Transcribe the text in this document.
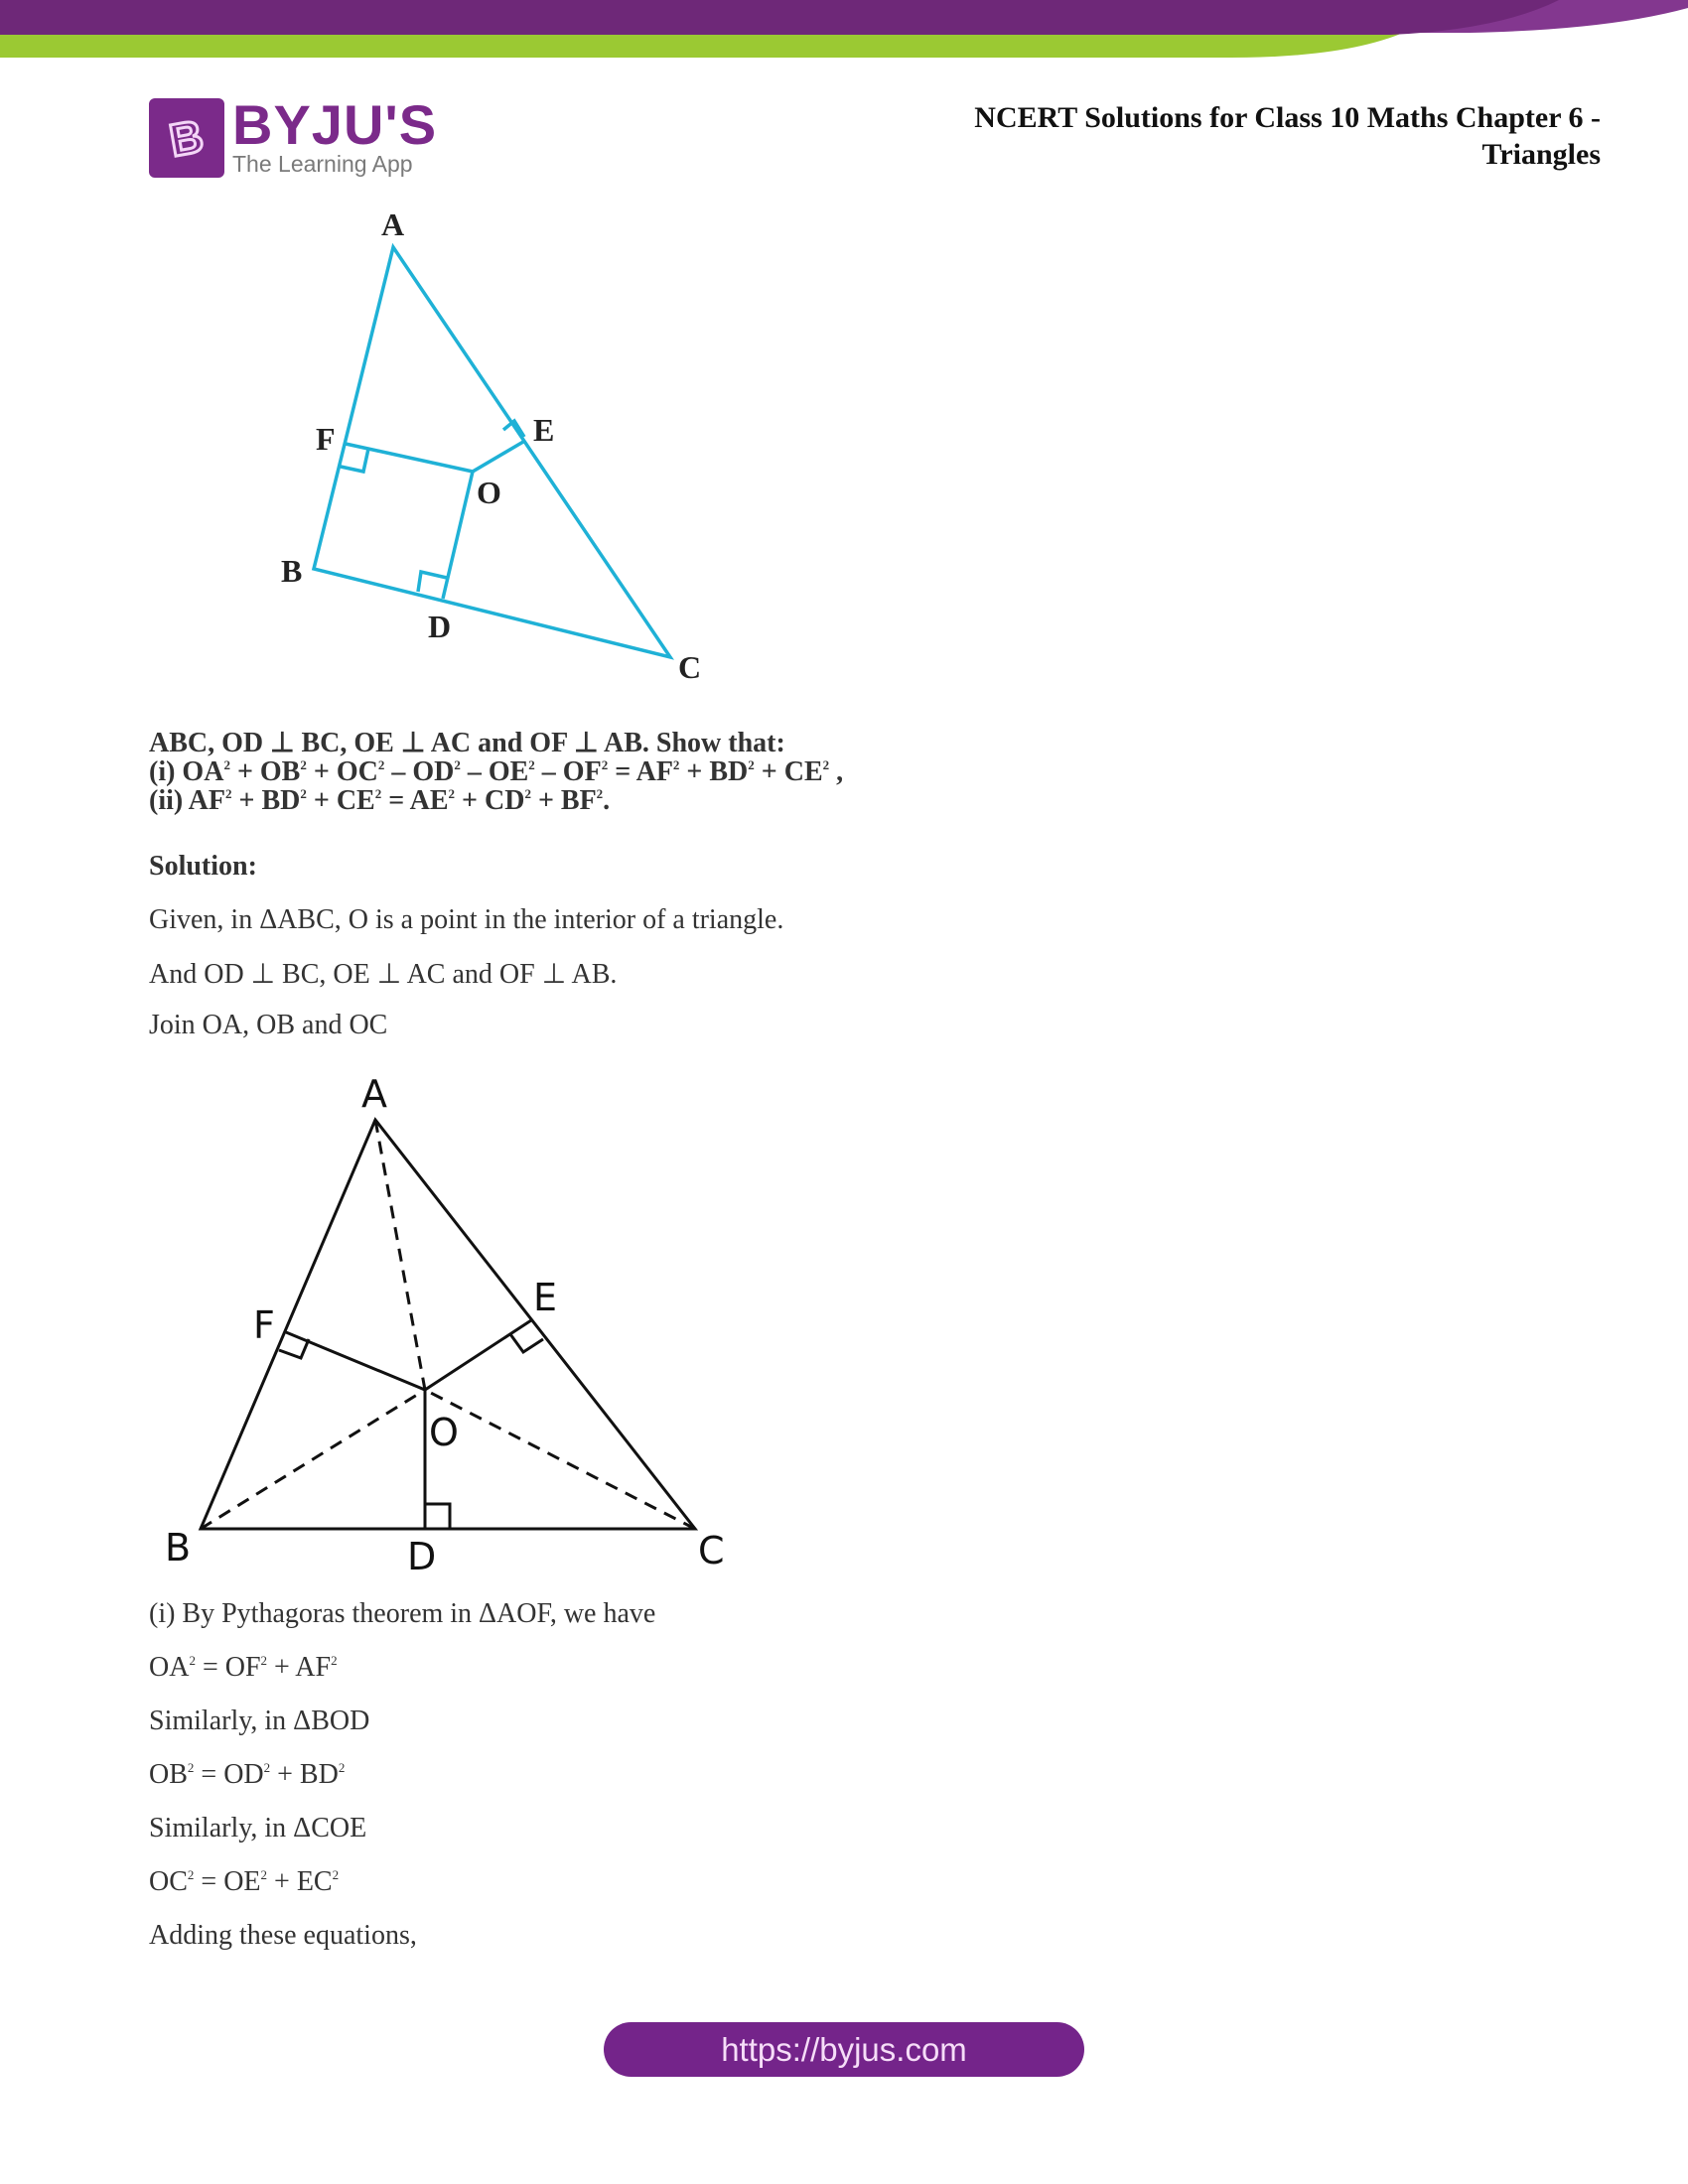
B BYJU'S
The Learning App
NCERT Solutions for Class 10 Maths Chapter 6 -
Triangles
A
F	E
O
B
D
C
ABC, OD ⊥ BC, OE ⊥ AC and OF ⊥ AB. Show that:
(i) $OA^2 + OB^2 + OC^2 - OD^2 - OE^2 - OF^2 = AF^2 + BD^2 + CE^2$ ,
(ii) $AF^2 + BD^2 + CE^2 = AE^2 + CD^2 + BF^2$.
Solution:
Given, in ΔABC, O is a point in the interior of a triangle.
And OD ⊥ BC, OE ⊥ AC and OF ⊥ AB.
Join OA, OB and OC
A
F
E
O
B	D	C
(i) By Pythagoras theorem in ΔAOF, we have
$OA^2 = OF^2 + AF^2$
Similarly, in ΔBOD
$OB^2 = OD^2 + BD^2$
Similarly, in ΔCOE
$OC^2 = OE^2 + EC^2$
Adding these equations,
https://byjus.com
